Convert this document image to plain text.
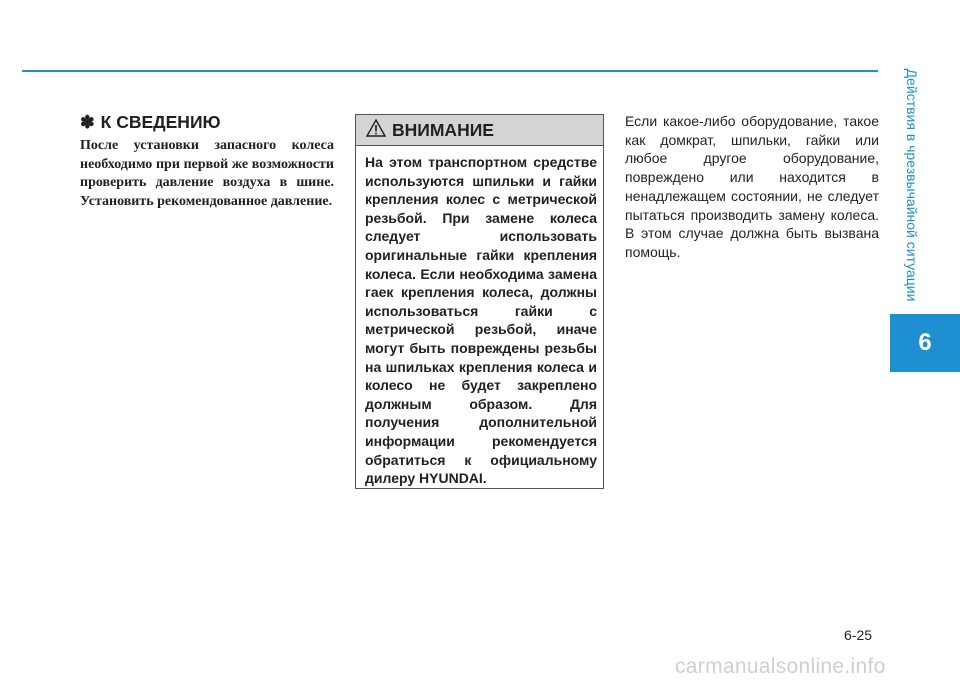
Действия в чрезвычайной ситуации
6
✽ К СВЕДЕНИЮ

После установки запасного колеса необходимо при первой же возможности проверить давление воздуха в шине. Установить рекомендованное давление.

ВНИМАНИЕ

На этом транспортном средстве используются шпильки и гайки крепления колес с метрической резьбой. При замене колеса следует использовать оригинальные гайки крепления колеса. Если необходима замена гаек крепления колеса, должны использоваться гайки с метрической резьбой, иначе могут быть повреждены резьбы на шпильках крепления колеса и колесо не будет закреплено должным образом. Для получения дополнительной информации рекомендуется обратиться к официальному дилеру HYUNDAI.

Если какое-либо оборудование, такое как домкрат, шпильки, гайки или любое другое оборудование, повреждено или находится в ненадлежащем состоянии, не следует пытаться производить замену колеса. В этом случае должна быть вызвана помощь.

6-25
carmanualsonline.info
